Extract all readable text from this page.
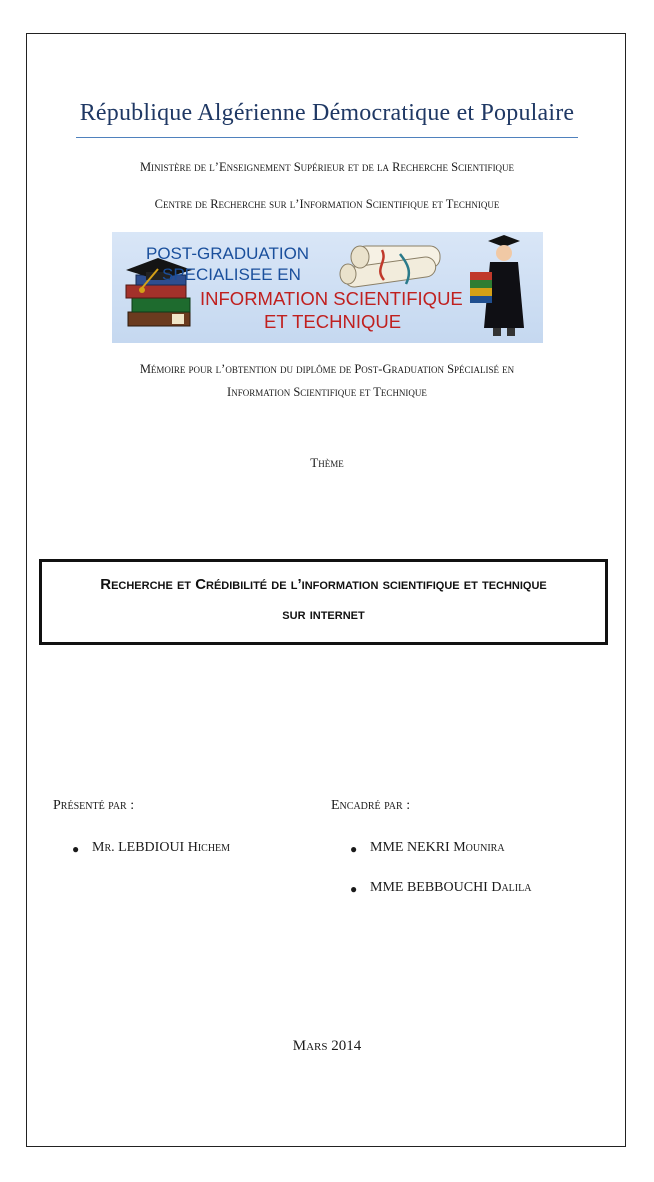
République Algérienne Démocratique et Populaire
Ministère de l’Enseignement Supérieur et de la Recherche Scientifique
Centre de Recherche sur l’Information Scientifique et Technique
POST-GRADUATION
SPECIALISEE EN
INFORMATION SCIENTIFIQUE
ET TECHNIQUE
Mémoire pour l’obtention du diplôme de Post-Graduation Spécialisé en
Information Scientifique et Technique
Thème
Recherche et Crédibilité de l’information scientifique et technique
sur internet
Présenté par :
● Mr. LEBDIOUI Hichem
Encadré par :
● MME NEKRI Mounira
● MME BEBBOUCHI Dalila
Mars 2014
